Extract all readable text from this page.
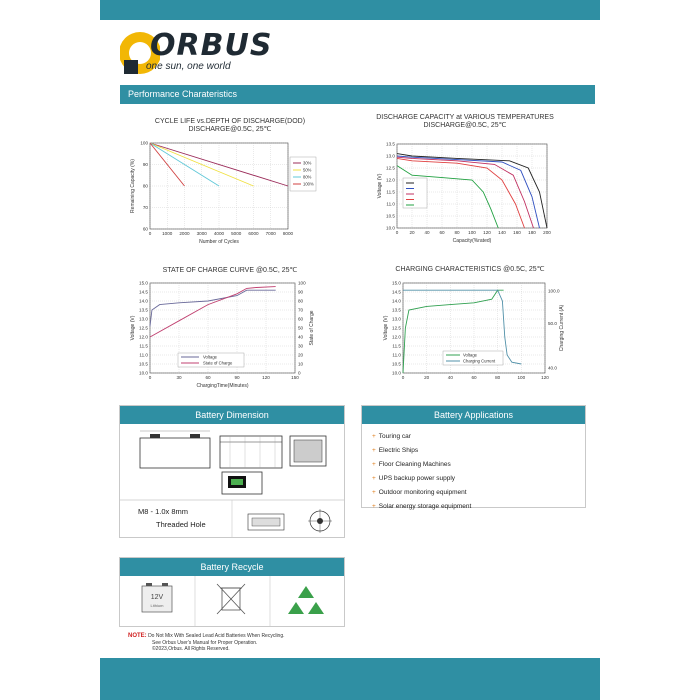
ORBUS
one sun, one world
Performance Charateristics
CYCLE LIFE vs.DEPTH OF DISCHARGE(DOD)
DISCHARGE@0.5C, 25℃
DISCHARGE CAPACITY at VARIOUS TEMPERATURES
DISCHARGE@0.5C, 25℃
STATE OF CHARGE CURVE @0.5C, 25℃	CHARGING CHARACTERISTICS @0.5C, 25℃
0 1000 2000 3000 4000 5000 6000 7000 8000
60
70
80
90
100
Number of Cycles
Remaining Capacity (%)	30%
50%
80%
100%
0 20 40 60 80 100 120 140 160 180 200
10.0
10.5
11.0
11.5
12.0
12.5
13.0
13.5
Capacity(%rated)
Voltage (V)
0	30	60	90	120	150
10.0
10.5
11.0
11.5
12.0
12.5
13.0
13.5
14.0
14.5
15.0
0
10
20
30
40
50
60
70
80
90
100
ChargingTime(Minutes)
Voltage (V)	State of Charge
Voltage
State of Charge
0	20	40	60	80	100	120
10.0
10.5
11.0
11.5
12.0
12.5
13.0
13.5
14.0
14.5
15.0
100.0
50.0
40.0
Voltage (V)	Charging Current (A)
Voltage
Charging Current
Battery Dimension
M8 - 1.0x 8mm
Threaded Hole
Battery Applications
+ Touring car
+ Electric Ships
+ Floor Cleaning Machines
+ UPS backup power supply
+ Outdoor monitoring equipment
+ Solar energy storage equipment
Battery Recycle
12V
Lithium
NOTE: Do Not Mix With Sealed Lead Acid Batteries When Recycling.
See Orbus User's Manual for Proper Operation.
©2023,Orbus. All Rights Reserved.
